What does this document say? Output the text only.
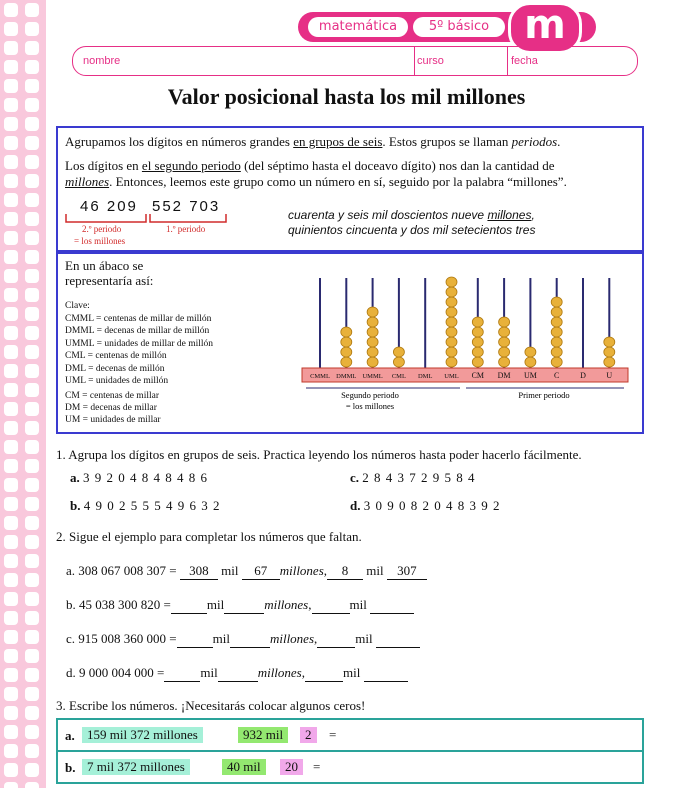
matemática	5º básico m
nombre	curso	fecha
Valor posicional hasta los mil millones
Agrupamos los dígitos en números grandes en grupos de seis. Estos grupos se llaman periodos.
Los dígitos en el segundo periodo (del séptimo hasta el doceavo dígito) nos dan la cantidad de
millones. Entonces, leemos este grupo como un número en sí, seguido por la palabra “millones”.
46 209 552 703
2.º periodo
= los millones
1.º periodo
cuarenta y seis mil doscientos nueve millones,
quinientos cincuenta y dos mil setecientos tres
En un ábaco se
representaría así:
Clave:
CMML = centenas de millar de millón
DMML = decenas de millar de millón
UMML = unidades de millar de millón
CML = centenas de millón
DML = decenas de millón
UML = unidades de millón
CM = centenas de millar
DM = decenas de millar
UM = unidades de millar
CMML DMML UMML CML DML UML CM DM UM C	D	U
Segundo periodo
= los millones
Primer periodo
1. Agrupa los dígitos en grupos de seis. Practica leyendo los números hasta poder hacerlo fácilmente.
a. 3 9 2 0 4 8 4 8 4 8 6	c. 2 8 4 3 7 2 9 5 8 4
b. 4 9 0 2 5 5 5 4 9 6 3 2	d. 3 0 9 0 8 2 0 4 8 3 9 2
2. Sigue el ejemplo para completar los números que faltan.
a. 308 067 008 307 = 308 mil 67 millones, 8 mil 307
b. 45 038 300 820 =	mil	millones,	mil
c. 915 008 360 000 =	mil	millones,	mil
d. 9 000 004 000 =	mil	millones,	mil
3. Escribe los números. ¡Necesitarás colocar algunos ceros!
a. 159 mil 372 millones	932 mil	2	=
b. 7 mil 372 millones	40 mil	20	=
